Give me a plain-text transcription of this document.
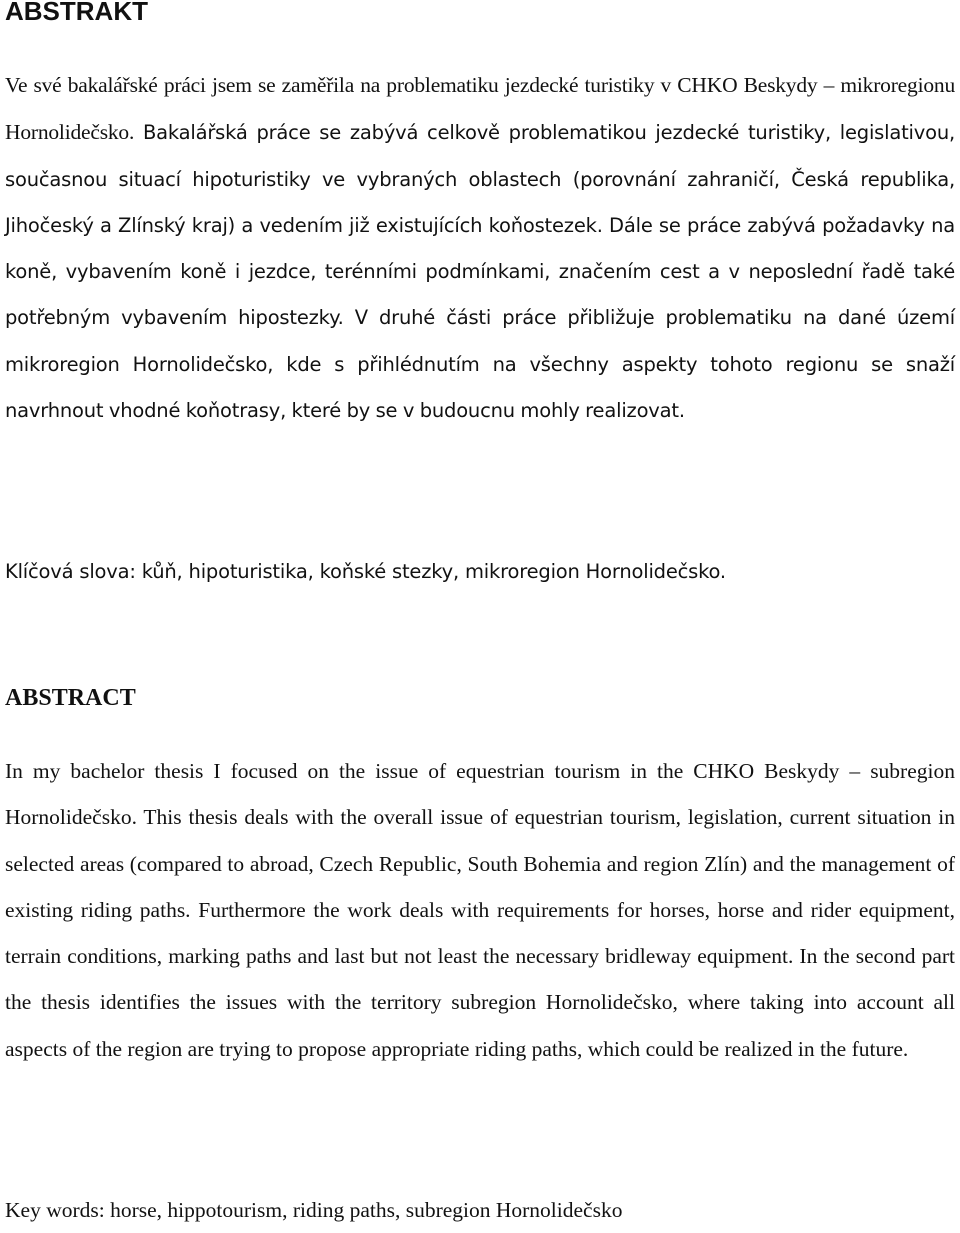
ABSTRAKT

Ve své bakalářské práci jsem se zaměřila na problematiku jezdecké turistiky v CHKO Beskydy – mikroregionu Hornolidečsko. Bakalářská práce se zabývá celkově problematikou jezdecké turistiky, legislativou, současnou situací hipoturistiky ve vybraných oblastech (porovnání zahraničí, Česká republika, Jihočeský a Zlínský kraj) a vedením již existujících koňostezek. Dále se práce zabývá požadavky na koně, vybavením koně i jezdce, terénními podmínkami, značením cest a v neposlední řadě také potřebným vybavením hipostezky. V druhé části práce přibližuje problematiku na dané území mikroregion Hornolidečsko, kde s přihlédnutím na všechny aspekty tohoto regionu se snaží navrhnout vhodné koňotrasy, které by se v budoucnu mohly realizovat.

Klíčová slova: kůň, hipoturistika, koňské stezky, mikroregion Hornolidečsko.

ABSTRACT

In my bachelor thesis I focused on the issue of equestrian tourism in the CHKO Beskydy – subregion Hornolidečsko. This thesis deals with the overall issue of equestrian tourism, legislation, current situation in selected areas (compared to abroad, Czech Republic, South Bohemia and region Zlín) and the management of existing riding paths. Furthermore the work deals with requirements for horses, horse and rider equipment, terrain conditions, marking paths and last but not least the necessary bridleway equipment. In the second part the thesis identifies the issues with the territory subregion Hornolidečsko, where taking into account all aspects of the region are trying to propose appropriate riding paths, which could be realized in the future.

Key words: horse, hippotourism, riding paths, subregion Hornolidečsko
